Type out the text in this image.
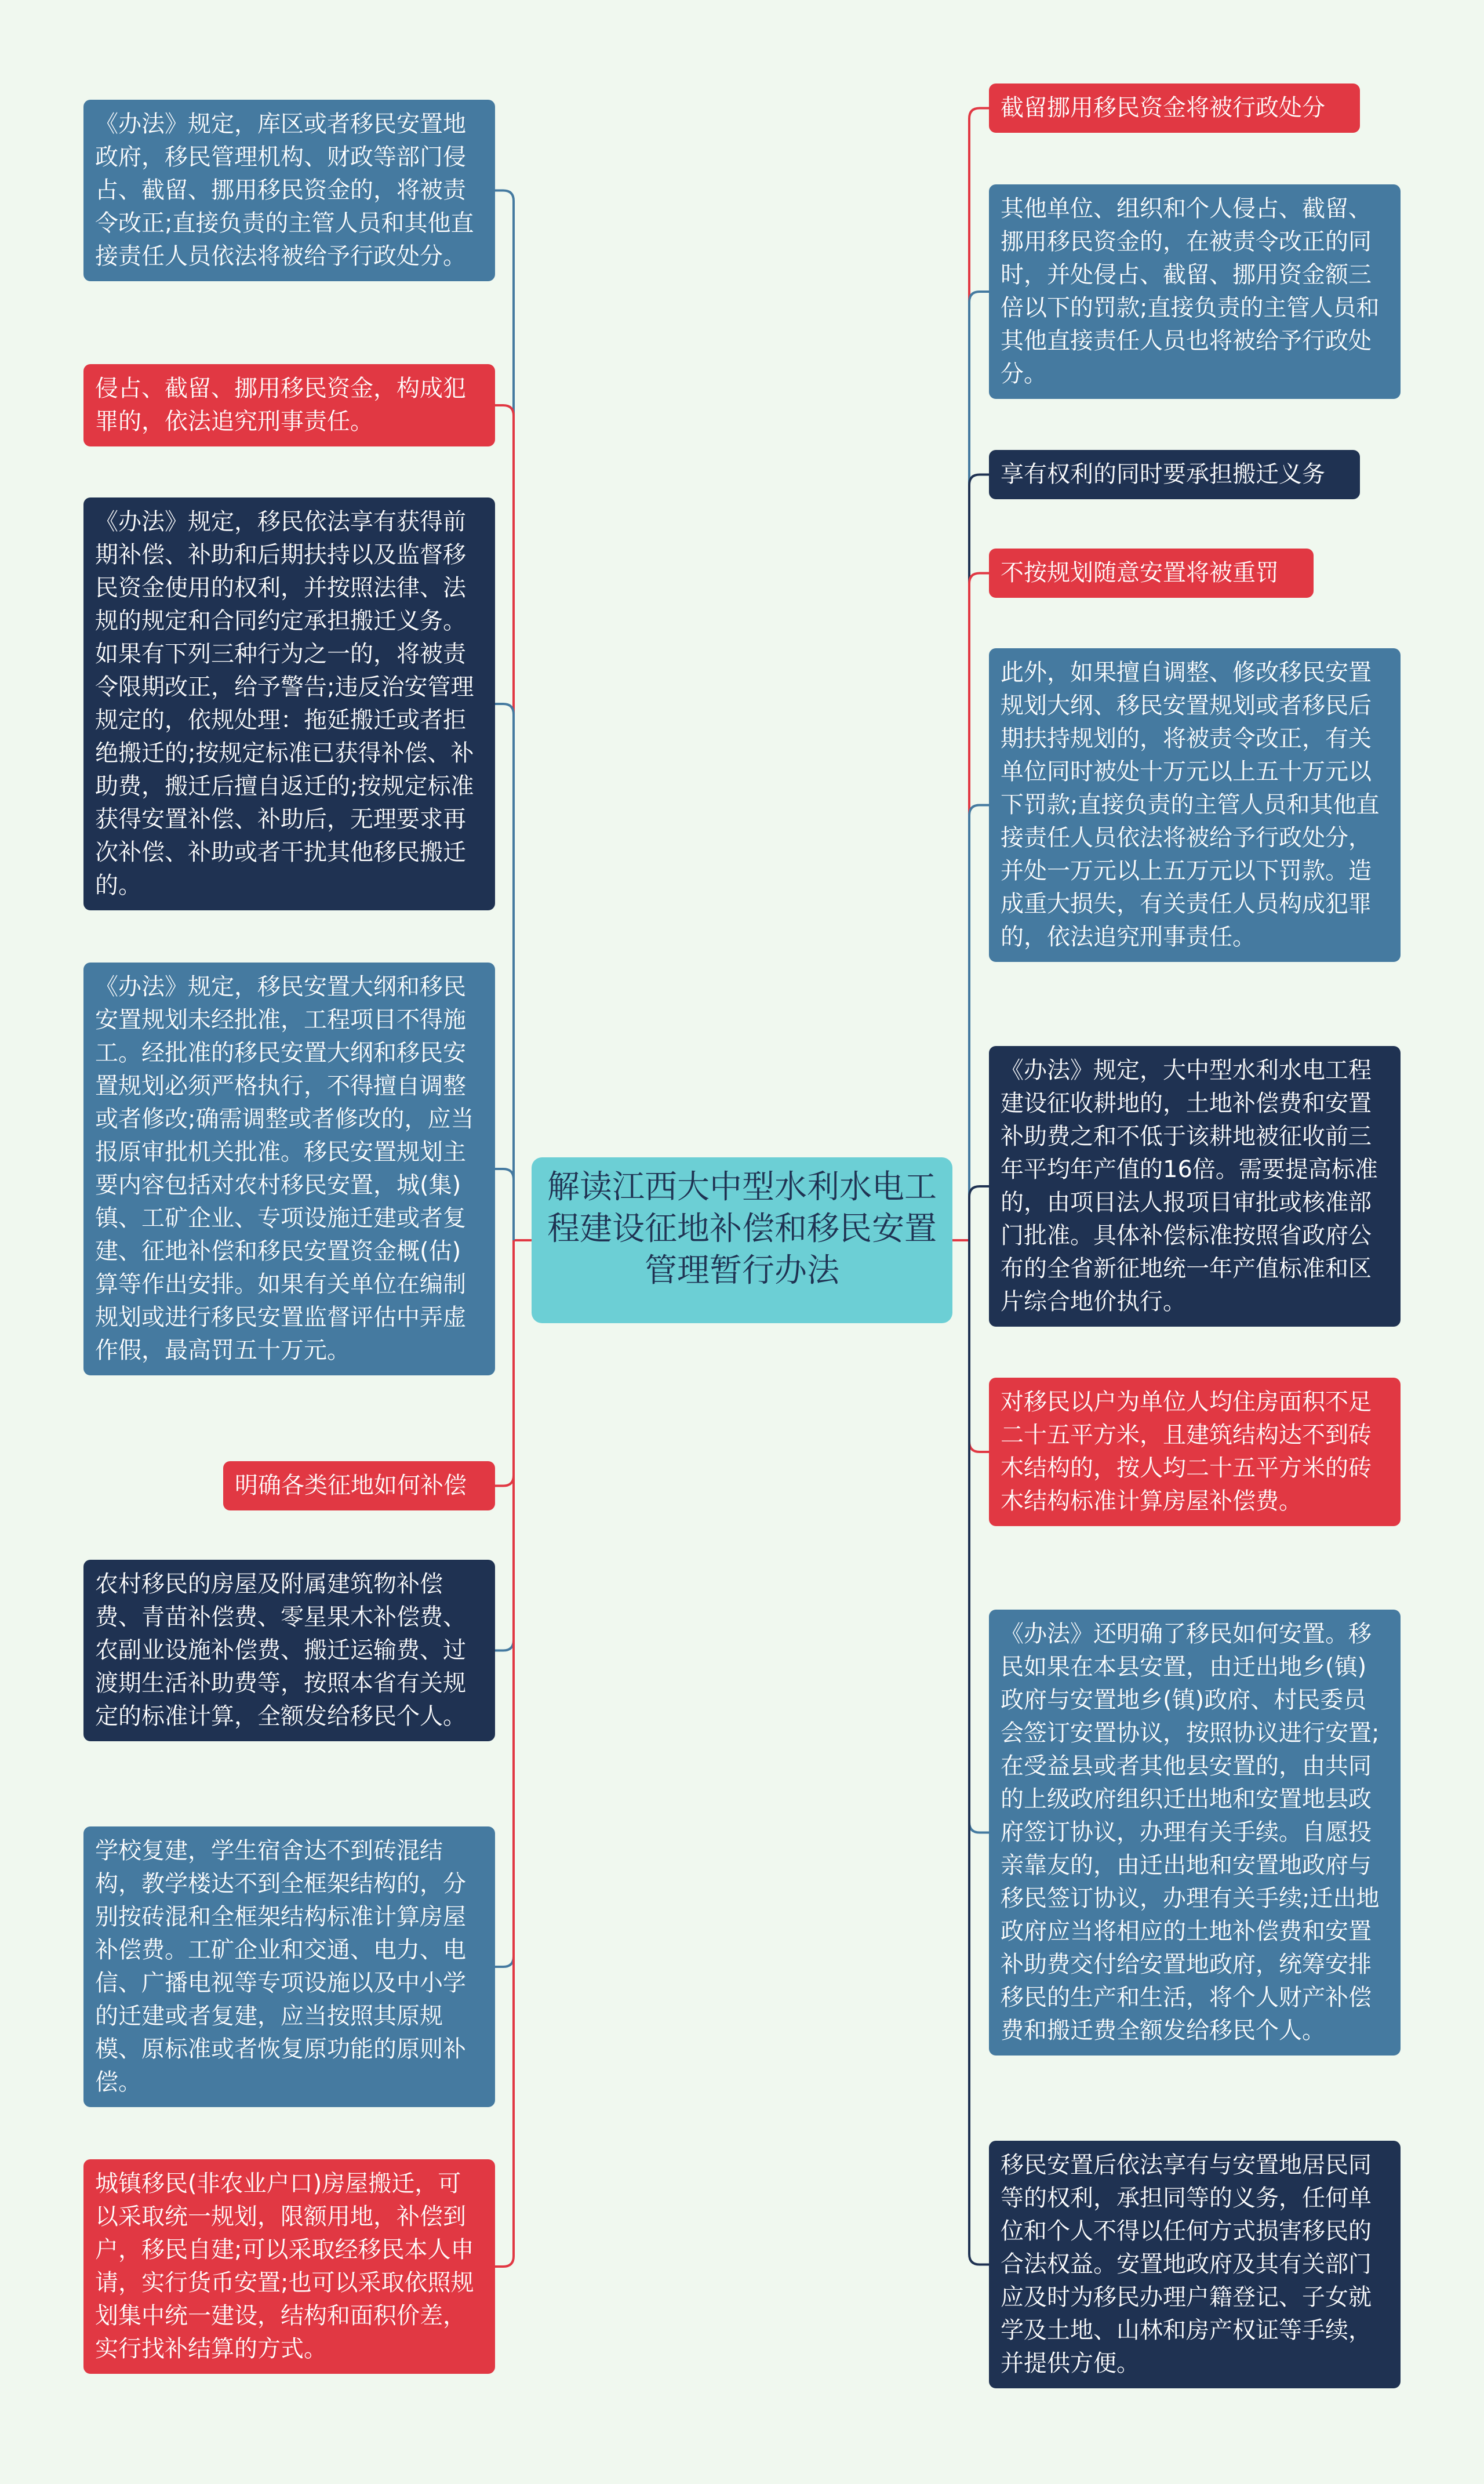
解读江西大中型水利水电工程建设征地补偿和移民安置管理暂行办法
《办法》规定，库区或者移民安置地政府，移民管理机构、财政等部门侵占、截留、挪用移民资金的，将被责令改正;直接负责的主管人员和其他直接责任人员依法将被给予行政处分。
侵占、截留、挪用移民资金，构成犯罪的，依法追究刑事责任。
《办法》规定，移民依法享有获得前期补偿、补助和后期扶持以及监督移民资金使用的权利，并按照法律、法规的规定和合同约定承担搬迁义务。如果有下列三种行为之一的，将被责令限期改正，给予警告;违反治安管理规定的，依规处理：拖延搬迁或者拒绝搬迁的;按规定标准已获得补偿、补助费，搬迁后擅自返迁的;按规定标准获得安置补偿、补助后，无理要求再次补偿、补助或者干扰其他移民搬迁的。
《办法》规定，移民安置大纲和移民安置规划未经批准，工程项目不得施工。经批准的移民安置大纲和移民安置规划必须严格执行，不得擅自调整或者修改;确需调整或者修改的，应当报原审批机关批准。移民安置规划主要内容包括对农村移民安置，城(集)镇、工矿企业、专项设施迁建或者复建、征地补偿和移民安置资金概(估)算等作出安排。如果有关单位在编制规划或进行移民安置监督评估中弄虚作假，最高罚五十万元。
明确各类征地如何补偿
农村移民的房屋及附属建筑物补偿费、青苗补偿费、零星果木补偿费、农副业设施补偿费、搬迁运输费、过渡期生活补助费等，按照本省有关规定的标准计算，全额发给移民个人。
学校复建，学生宿舍达不到砖混结构，教学楼达不到全框架结构的，分别按砖混和全框架结构标准计算房屋补偿费。工矿企业和交通、电力、电信、广播电视等专项设施以及中小学的迁建或者复建，应当按照其原规模、原标准或者恢复原功能的原则补偿。
城镇移民(非农业户口)房屋搬迁，可以采取统一规划，限额用地，补偿到户，移民自建;可以采取经移民本人申请，实行货币安置;也可以采取依照规划集中统一建设，结构和面积价差，实行找补结算的方式。
截留挪用移民资金将被行政处分
其他单位、组织和个人侵占、截留、挪用移民资金的，在被责令改正的同时，并处侵占、截留、挪用资金额三倍以下的罚款;直接负责的主管人员和其他直接责任人员也将被给予行政处分。
享有权利的同时要承担搬迁义务
不按规划随意安置将被重罚
此外，如果擅自调整、修改移民安置规划大纲、移民安置规划或者移民后期扶持规划的，将被责令改正，有关单位同时被处十万元以上五十万元以下罚款;直接负责的主管人员和其他直接责任人员依法将被给予行政处分，并处一万元以上五万元以下罚款。造成重大损失，有关责任人员构成犯罪的，依法追究刑事责任。
《办法》规定，大中型水利水电工程建设征收耕地的，土地补偿费和安置补助费之和不低于该耕地被征收前三年平均年产值的16倍。需要提高标准的，由项目法人报项目审批或核准部门批准。具体补偿标准按照省政府公布的全省新征地统一年产值标准和区片综合地价执行。
对移民以户为单位人均住房面积不足二十五平方米，且建筑结构达不到砖木结构的，按人均二十五平方米的砖木结构标准计算房屋补偿费。
《办法》还明确了移民如何安置。移民如果在本县安置，由迁出地乡(镇)政府与安置地乡(镇)政府、村民委员会签订安置协议，按照协议进行安置;在受益县或者其他县安置的，由共同的上级政府组织迁出地和安置地县政府签订协议，办理有关手续。自愿投亲靠友的，由迁出地和安置地政府与移民签订协议，办理有关手续;迁出地政府应当将相应的土地补偿费和安置补助费交付给安置地政府，统筹安排移民的生产和生活，将个人财产补偿费和搬迁费全额发给移民个人。
移民安置后依法享有与安置地居民同等的权利，承担同等的义务，任何单位和个人不得以任何方式损害移民的合法权益。安置地政府及其有关部门应及时为移民办理户籍登记、子女就学及土地、山林和房产权证等手续，并提供方便。
